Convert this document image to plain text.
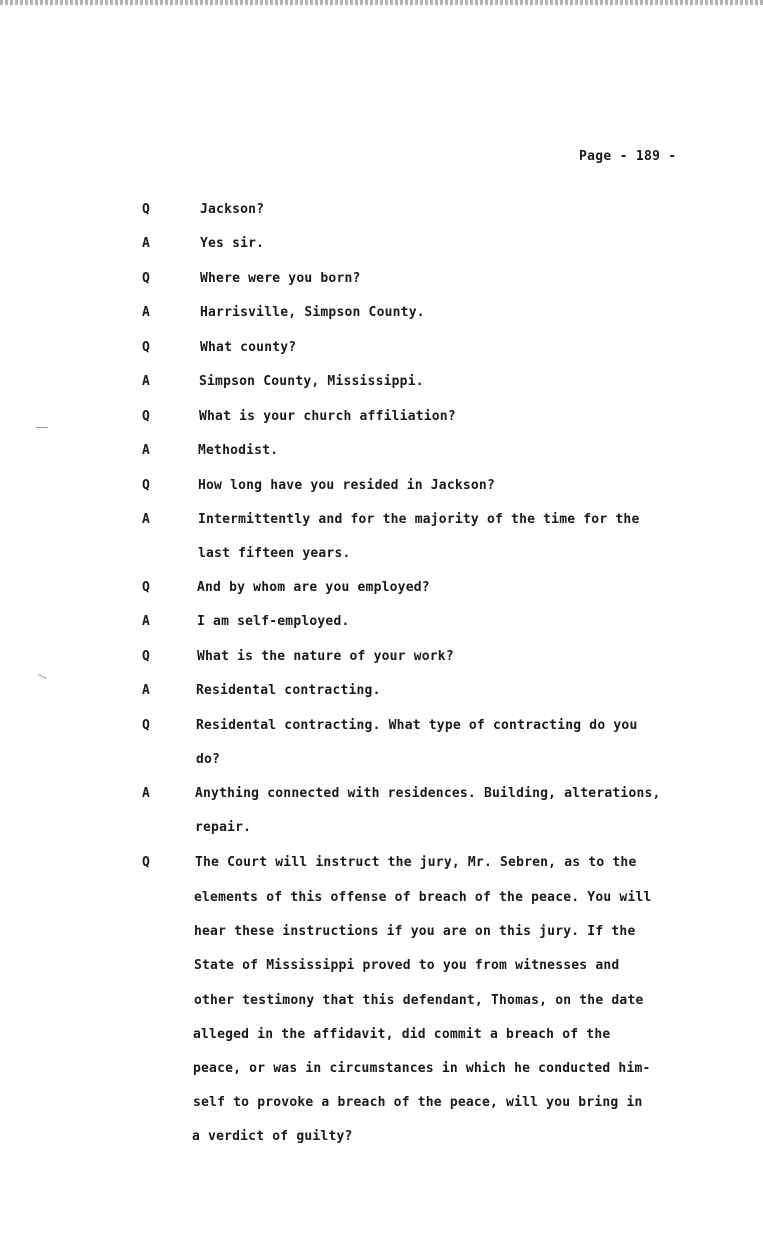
Page - 189 -
Q	Jackson?
A	Yes sir.
Q	Where were you born?
A	Harrisville, Simpson County.
Q	What county?
A	Simpson County, Mississippi.
Q	What is your church affiliation?
A	Methodist.
Q	How long have you resided in Jackson?
A	Intermittently and for the majority of the time for the
last fifteen years.
Q	And by whom are you employed?
A	I am self-employed.
Q	What is the nature of your work?
A	Residental contracting.
Q	Residental contracting. What type of contracting do you
do?
A	Anything connected with residences. Building, alterations,
repair.
Q	The Court will instruct the jury, Mr. Sebren, as to the
elements of this offense of breach of the peace. You will
hear these instructions if you are on this jury. If the
State of Mississippi proved to you from witnesses and
other testimony that this defendant, Thomas, on the date
alleged in the affidavit, did commit a breach of the
peace, or was in circumstances in which he conducted him-
self to provoke a breach of the peace, will you bring in
a verdict of guilty?
